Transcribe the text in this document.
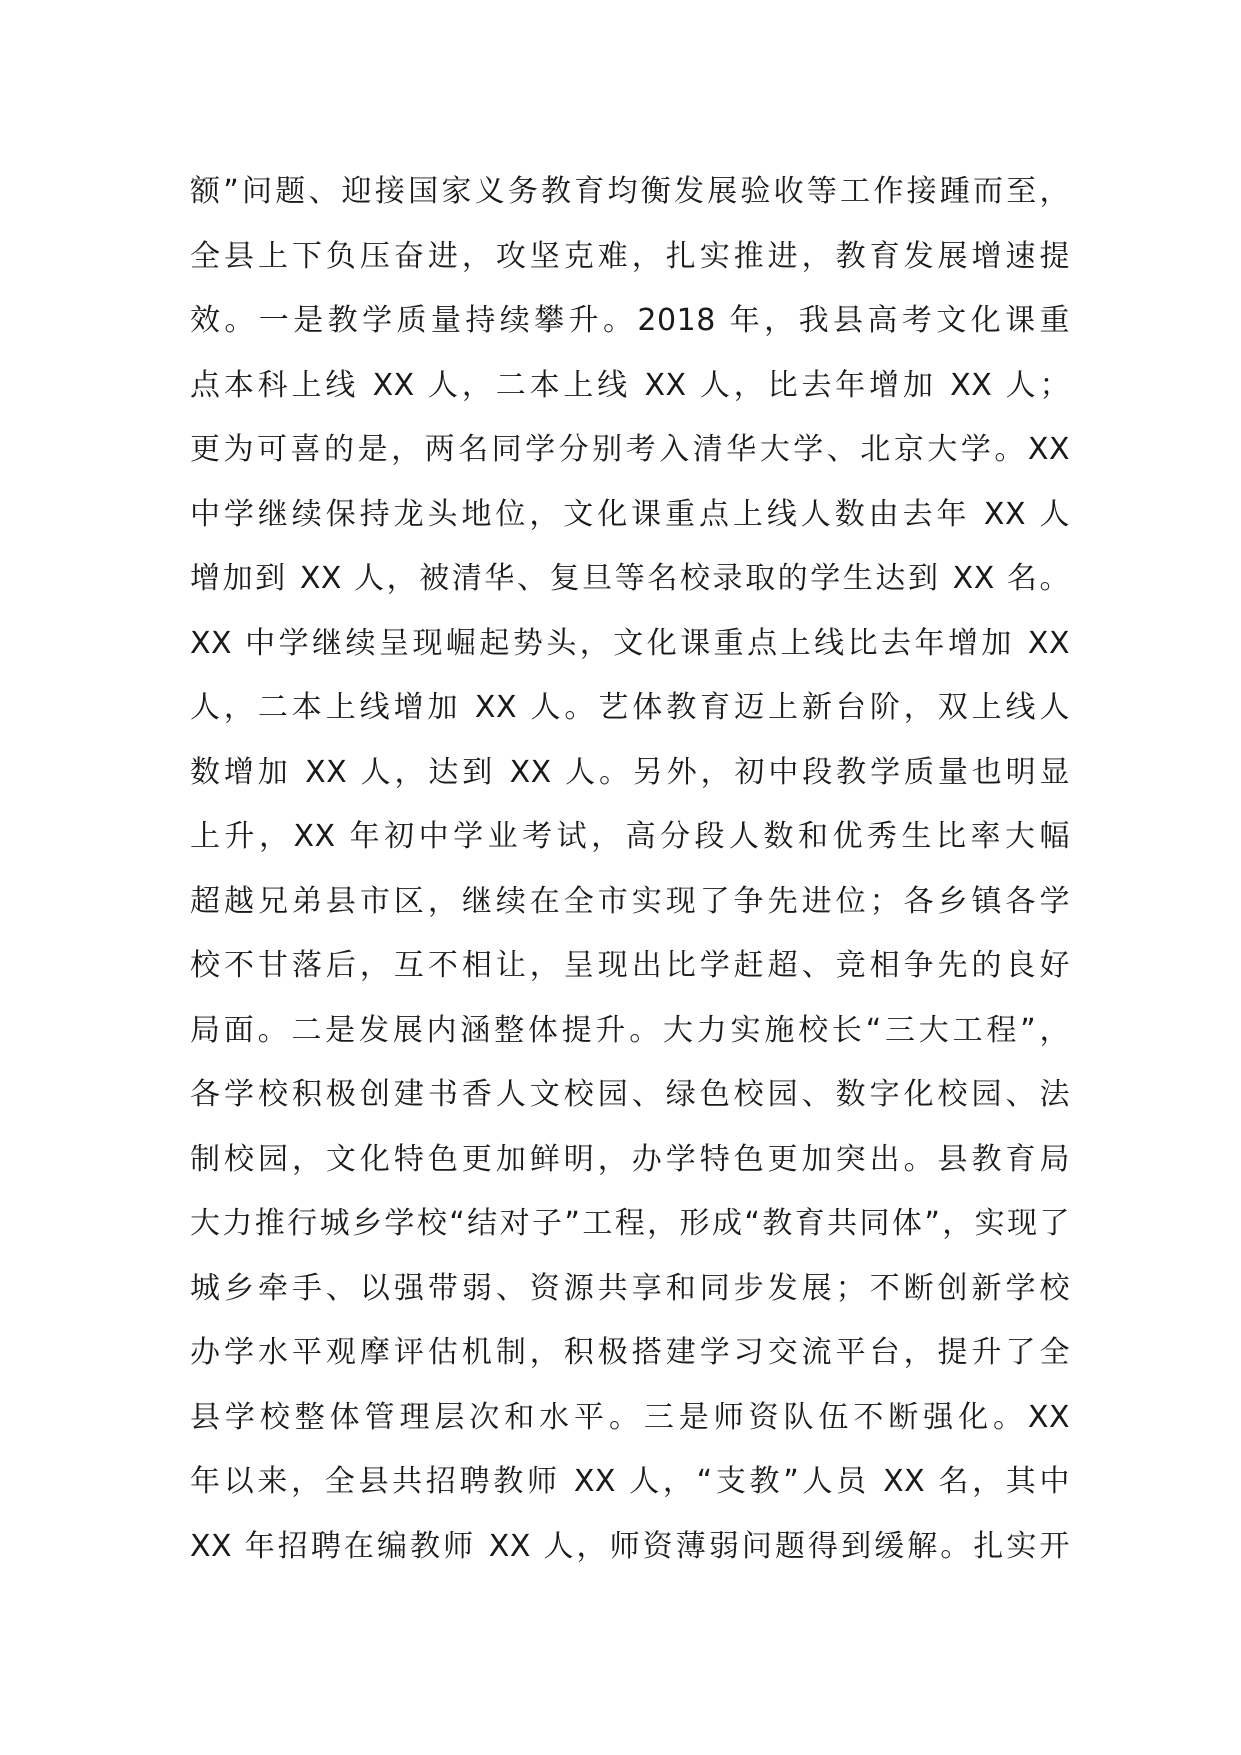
额”问题、迎接国家义务教育均衡发展验收等工作接踵而至，
全县上下负压奋进，攻坚克难，扎实推进，教育发展增速提
效。一是教学质量持续攀升。2018 年，我县高考文化课重
点本科上线 XX 人，二本上线 XX 人，比去年增加 XX 人；
更为可喜的是，两名同学分别考入清华大学、北京大学。XX
中学继续保持龙头地位，文化课重点上线人数由去年 XX 人
增加到 XX 人，被清华、复旦等名校录取的学生达到 XX 名。
XX 中学继续呈现崛起势头，文化课重点上线比去年增加 XX
人，二本上线增加 XX 人。艺体教育迈上新台阶，双上线人
数增加 XX 人，达到 XX 人。另外，初中段教学质量也明显
上升，XX 年初中学业考试，高分段人数和优秀生比率大幅
超越兄弟县市区，继续在全市实现了争先进位；各乡镇各学
校不甘落后，互不相让，呈现出比学赶超、竞相争先的良好
局面。二是发展内涵整体提升。大力实施校长“三大工程”，
各学校积极创建书香人文校园、绿色校园、数字化校园、法
制校园，文化特色更加鲜明，办学特色更加突出。县教育局
大力推行城乡学校“结对子”工程，形成“教育共同体”，实现了
城乡牵手、以强带弱、资源共享和同步发展；不断创新学校
办学水平观摩评估机制，积极搭建学习交流平台，提升了全
县学校整体管理层次和水平。三是师资队伍不断强化。XX
年以来，全县共招聘教师 XX 人，“支教”人员 XX 名，其中
XX 年招聘在编教师 XX 人，师资薄弱问题得到缓解。扎实开
